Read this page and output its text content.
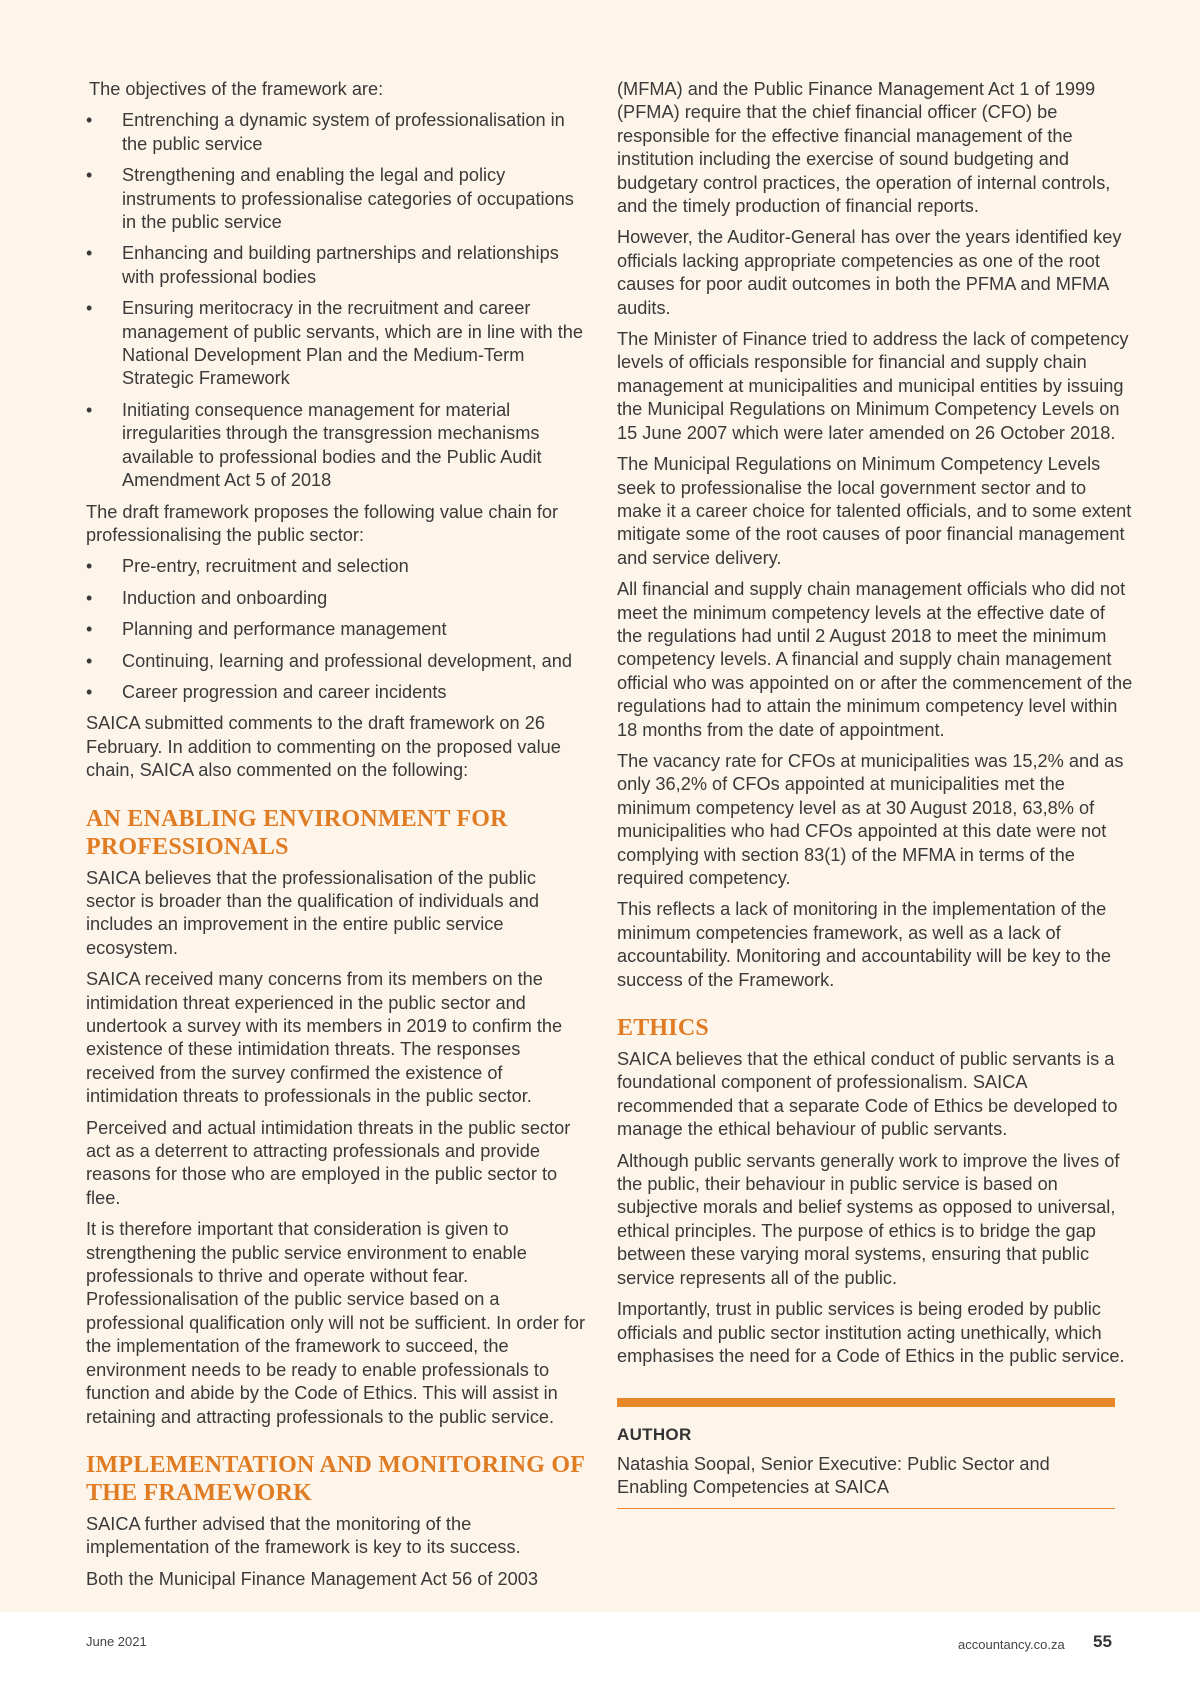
The objectives of the framework are:

• Entrenching a dynamic system of professionalisation in the public service
• Strengthening and enabling the legal and policy instruments to professionalise categories of occupations in the public service
• Enhancing and building partnerships and relationships with professional bodies
• Ensuring meritocracy in the recruitment and career management of public servants, which are in line with the National Development Plan and the Medium-Term Strategic Framework
• Initiating consequence management for material irregularities through the transgression mechanisms available to professional bodies and the Public Audit Amendment Act 5 of 2018

The draft framework proposes the following value chain for professionalising the public sector:

• Pre-entry, recruitment and selection
• Induction and onboarding
• Planning and performance management
• Continuing, learning and professional development, and
• Career progression and career incidents

SAICA submitted comments to the draft framework on 26 February. In addition to commenting on the proposed value chain, SAICA also commented on the following:

AN ENABLING ENVIRONMENT FOR PROFESSIONALS

SAICA believes that the professionalisation of the public sector is broader than the qualification of individuals and includes an improvement in the entire public service ecosystem.

SAICA received many concerns from its members on the intimidation threat experienced in the public sector and undertook a survey with its members in 2019 to confirm the existence of these intimidation threats. The responses received from the survey confirmed the existence of intimidation threats to professionals in the public sector.

Perceived and actual intimidation threats in the public sector act as a deterrent to attracting professionals and provide reasons for those who are employed in the public sector to flee.

It is therefore important that consideration is given to strengthening the public service environment to enable professionals to thrive and operate without fear. Professionalisation of the public service based on a professional qualification only will not be sufficient. In order for the implementation of the framework to succeed, the environment needs to be ready to enable professionals to function and abide by the Code of Ethics. This will assist in retaining and attracting professionals to the public service.

IMPLEMENTATION AND MONITORING OF THE FRAMEWORK

SAICA further advised that the monitoring of the implementation of the framework is key to its success.

Both the Municipal Finance Management Act 56 of 2003

(MFMA) and the Public Finance Management Act 1 of 1999 (PFMA) require that the chief financial officer (CFO) be responsible for the effective financial management of the institution including the exercise of sound budgeting and budgetary control practices, the operation of internal controls, and the timely production of financial reports.

However, the Auditor-General has over the years identified key officials lacking appropriate competencies as one of the root causes for poor audit outcomes in both the PFMA and MFMA audits.

The Minister of Finance tried to address the lack of competency levels of officials responsible for financial and supply chain management at municipalities and municipal entities by issuing the Municipal Regulations on Minimum Competency Levels on 15 June 2007 which were later amended on 26 October 2018.

The Municipal Regulations on Minimum Competency Levels seek to professionalise the local government sector and to make it a career choice for talented officials, and to some extent mitigate some of the root causes of poor financial management and service delivery.

All financial and supply chain management officials who did not meet the minimum competency levels at the effective date of the regulations had until 2 August 2018 to meet the minimum competency levels. A financial and supply chain management official who was appointed on or after the commencement of the regulations had to attain the minimum competency level within 18 months from the date of appointment.

The vacancy rate for CFOs at municipalities was 15,2% and as only 36,2% of CFOs appointed at municipalities met the minimum competency level as at 30 August 2018, 63,8% of municipalities who had CFOs appointed at this date were not complying with section 83(1) of the MFMA in terms of the required competency.

This reflects a lack of monitoring in the implementation of the minimum competencies framework, as well as a lack of accountability. Monitoring and accountability will be key to the success of the Framework.

ETHICS

SAICA believes that the ethical conduct of public servants is a foundational component of professionalism. SAICA recommended that a separate Code of Ethics be developed to manage the ethical behaviour of public servants.

Although public servants generally work to improve the lives of the public, their behaviour in public service is based on subjective morals and belief systems as opposed to universal, ethical principles. The purpose of ethics is to bridge the gap between these varying moral systems, ensuring that public service represents all of the public.

Importantly, trust in public services is being eroded by public officials and public sector institution acting unethically, which emphasises the need for a Code of Ethics in the public service.

AUTHOR

Natashia Soopal, Senior Executive: Public Sector and Enabling Competencies at SAICA

June 2021	accountancy.co.za 55
